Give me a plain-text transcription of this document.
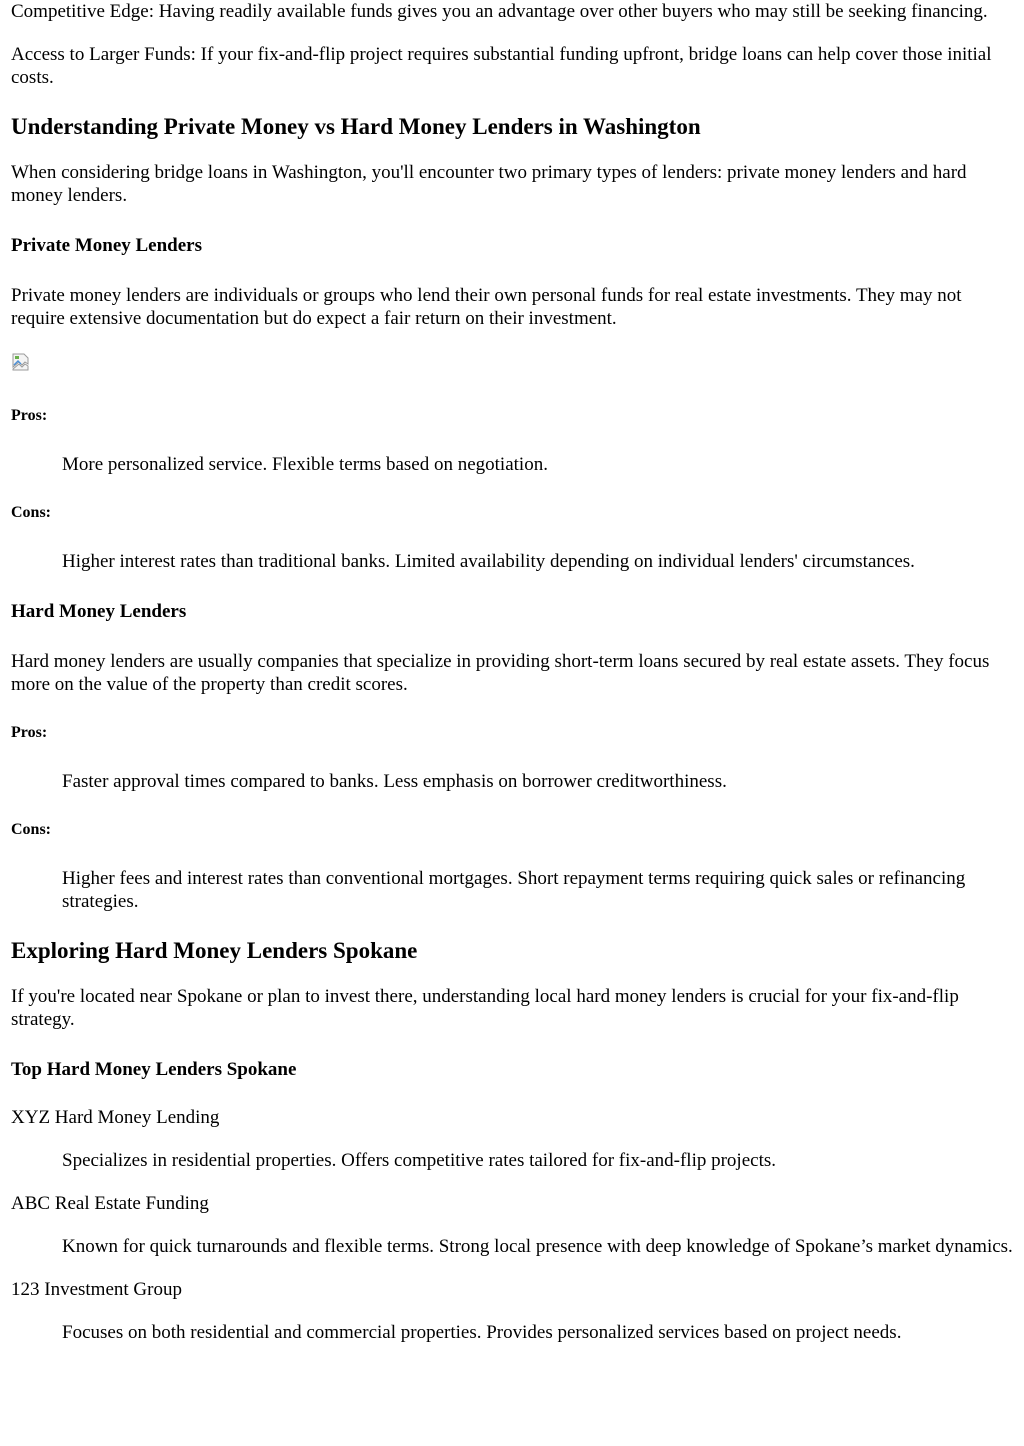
Competitive Edge: Having readily available funds gives you an advantage over other buyers who may still be seeking financing.

Access to Larger Funds: If your fix-and-flip project requires substantial funding upfront, bridge loans can help cover those initial costs.

Understanding Private Money vs Hard Money Lenders in Washington

When considering bridge loans in Washington, you'll encounter two primary types of lenders: private money lenders and hard money lenders.

Private Money Lenders

Private money lenders are individuals or groups who lend their own personal funds for real estate investments. They may not require extensive documentation but do expect a fair return on their investment.

Pros:
More personalized service. Flexible terms based on negotiation.
Cons:
Higher interest rates than traditional banks. Limited availability depending on individual lenders' circumstances.
Hard Money Lenders

Hard money lenders are usually companies that specialize in providing short-term loans secured by real estate assets. They focus more on the value of the property than credit scores.

Pros:
Faster approval times compared to banks. Less emphasis on borrower creditworthiness.
Cons:
Higher fees and interest rates than conventional mortgages. Short repayment terms requiring quick sales or refinancing strategies.
Exploring Hard Money Lenders Spokane

If you're located near Spokane or plan to invest there, understanding local hard money lenders is crucial for your fix-and-flip strategy.

Top Hard Money Lenders Spokane
XYZ Hard Money Lending
Specializes in residential properties. Offers competitive rates tailored for fix-and-flip projects.
ABC Real Estate Funding
Known for quick turnarounds and flexible terms. Strong local presence with deep knowledge of Spokane’s market dynamics.
123 Investment Group
Focuses on both residential and commercial properties. Provides personalized services based on project needs.
